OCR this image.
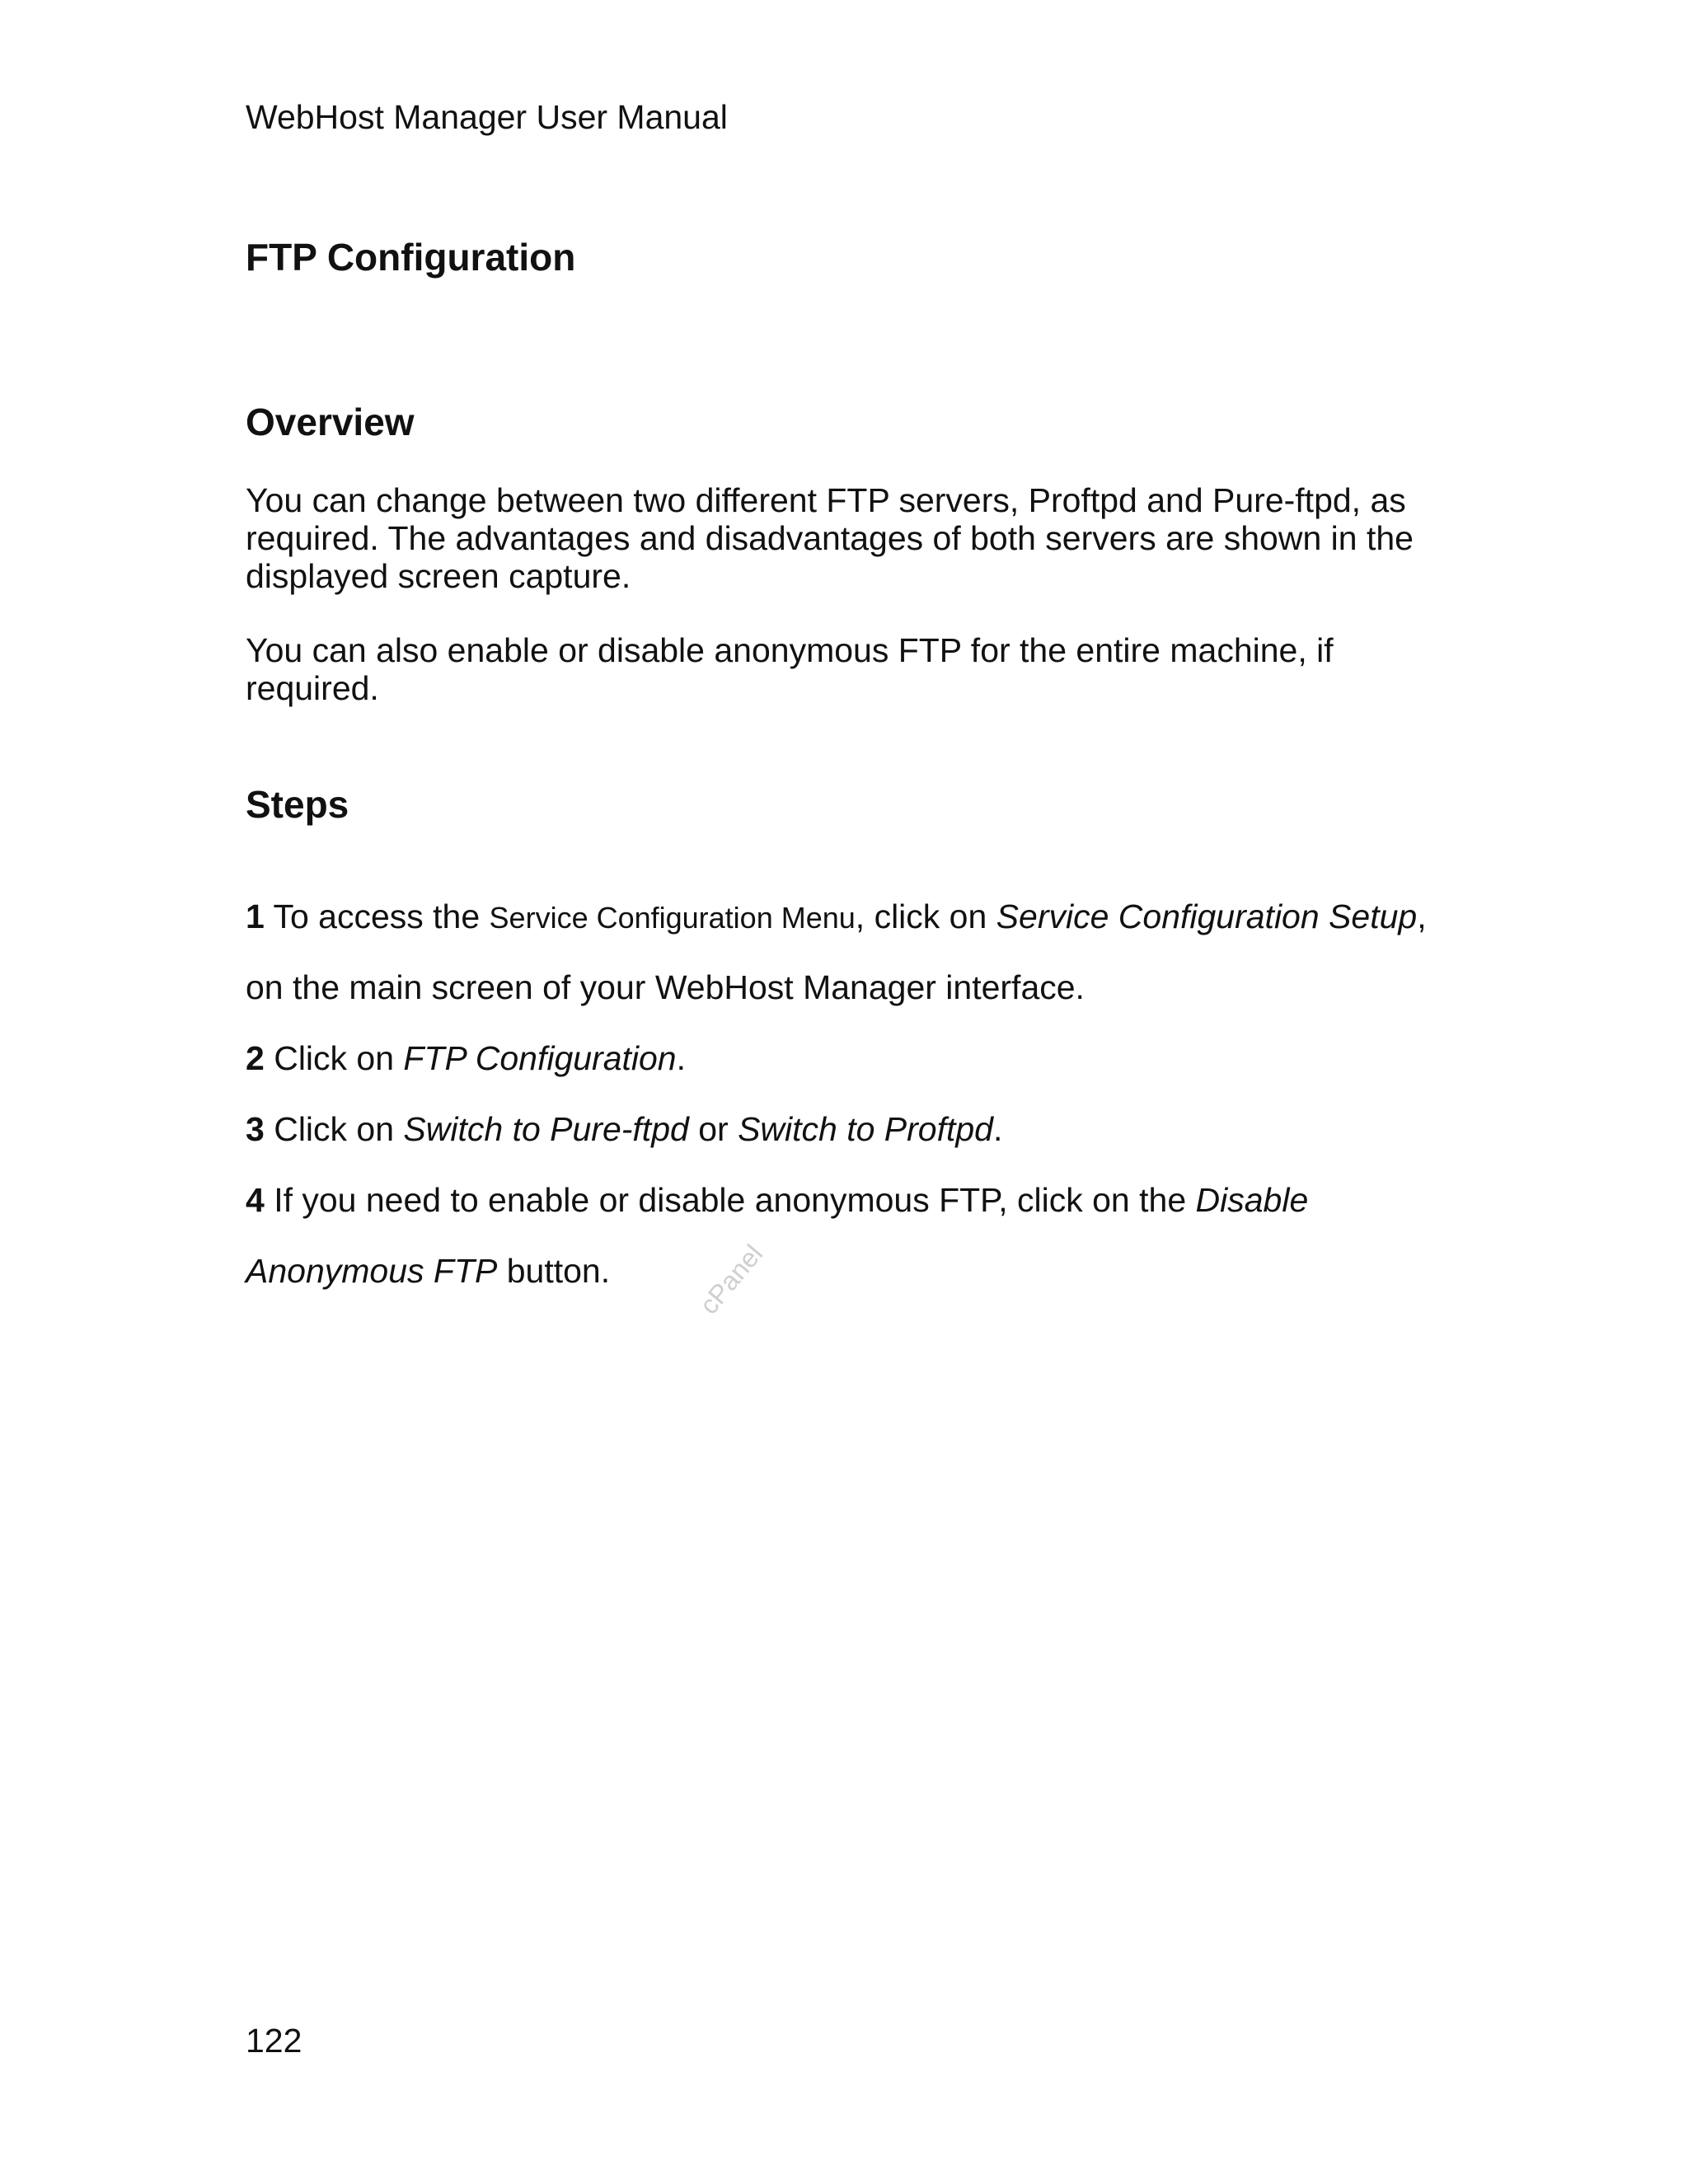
WebHost Manager User Manual
FTP Configuration
Overview

You can change between two different FTP servers, Proftpd and Pure-ftpd, as required. The advantages and disadvantages of both servers are shown in the displayed screen capture.

You can also enable or disable anonymous FTP for the entire machine, if required.

Steps

1 To access the Service Configuration Menu, click on Service Configuration Setup,

on the main screen of your WebHost Manager interface.

2 Click on FTP Configuration.

3 Click on Switch to Pure-ftpd or Switch to Proftpd.

4 If you need to enable or disable anonymous FTP, click on the Disable

Anonymous FTP button.	cPanel
122
